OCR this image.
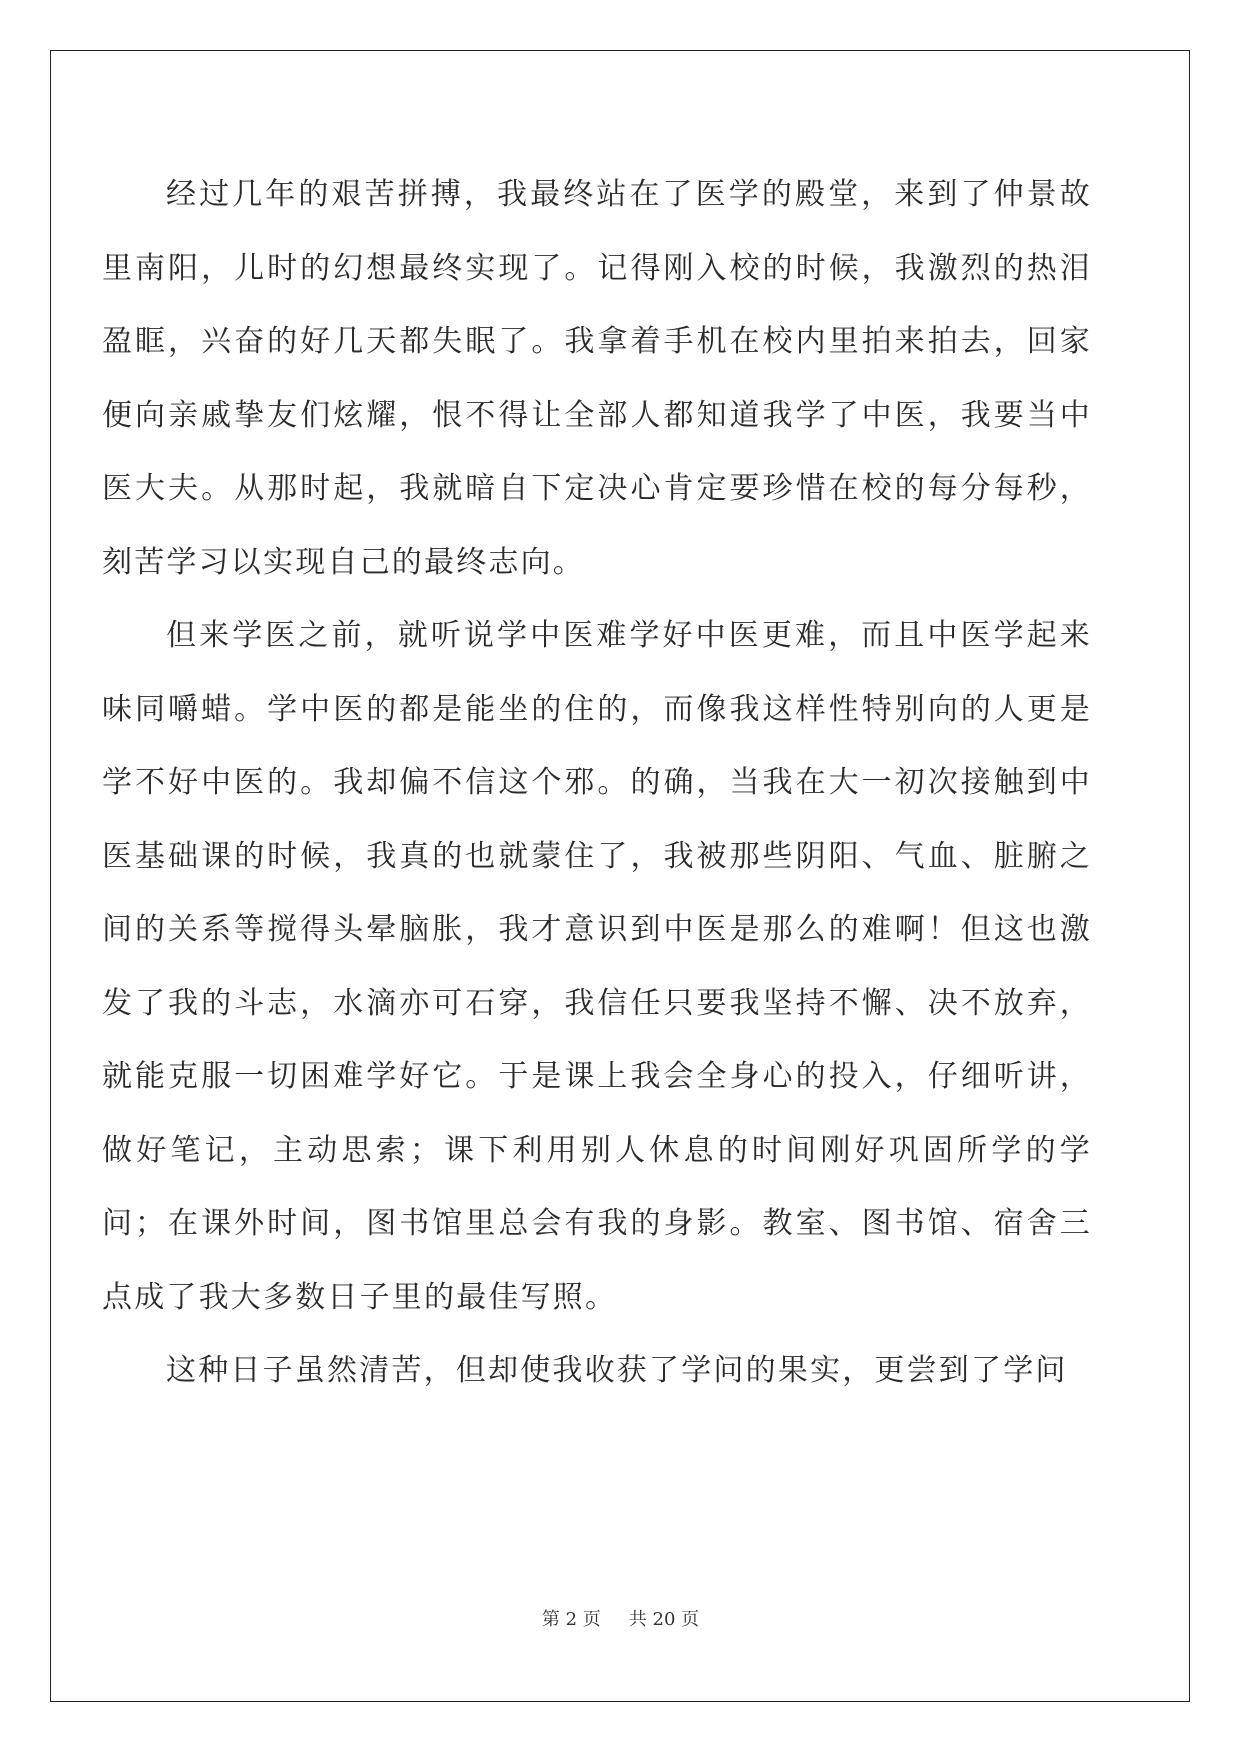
经过几年的艰苦拼搏，我最终站在了医学的殿堂，来到了仲景故里南阳，儿时的幻想最终实现了。记得刚入校的时候，我激烈的热泪盈眶，兴奋的好几天都失眠了。我拿着手机在校内里拍来拍去，回家便向亲戚挚友们炫耀，恨不得让全部人都知道我学了中医，我要当中医大夫。从那时起，我就暗自下定决心肯定要珍惜在校的每分每秒，刻苦学习以实现自己的最终志向。

但来学医之前，就听说学中医难学好中医更难，而且中医学起来味同嚼蜡。学中医的都是能坐的住的，而像我这样性特别向的人更是学不好中医的。我却偏不信这个邪。的确，当我在大一初次接触到中医基础课的时候，我真的也就蒙住了，我被那些阴阳、气血、脏腑之间的关系等搅得头晕脑胀，我才意识到中医是那么的难啊！但这也激发了我的斗志，水滴亦可石穿，我信任只要我坚持不懈、决不放弃，就能克服一切困难学好它。于是课上我会全身心的投入，仔细听讲，做好笔记，主动思索；课下利用别人休息的时间刚好巩固所学的学问；在课外时间，图书馆里总会有我的身影。教室、图书馆、宿舍三点成了我大多数日子里的最佳写照。

这种日子虽然清苦，但却使我收获了学问的果实，更尝到了学问

第 2 页 共 20 页
